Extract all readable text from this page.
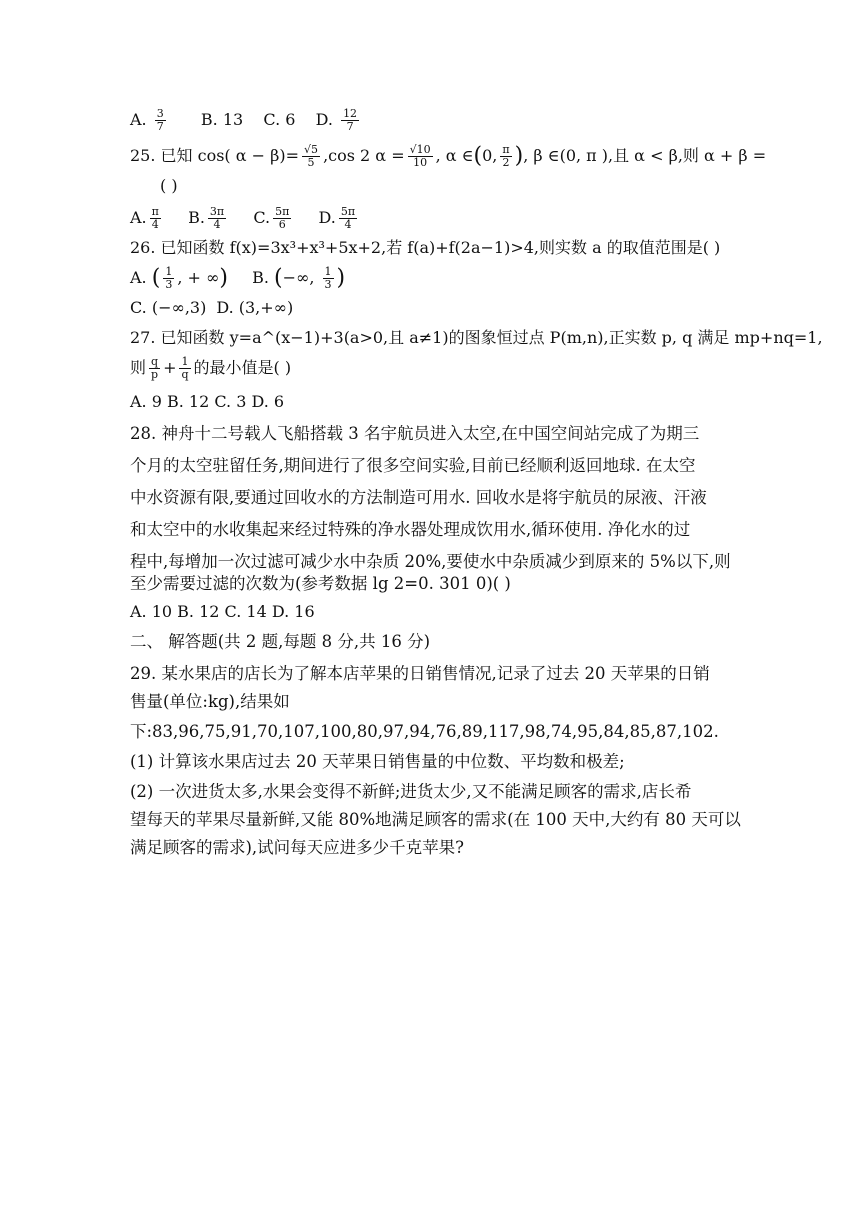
A. $\frac{3}{7} B$. 13 C. 6 D. $\frac{12}{7}$
25. 已知 cos( $\alpha - \beta)= \frac{√5}{5} ,\cos$ 2 $\alpha = \frac{√10}{10}$ , α ∈(0, $\frac{\pi}{2}$ ), β ∈(0, π ),且 α < β,则 α + β =
( )
A. $\frac{\pi}{4} B$. $\frac{3\pi}{4} C$. $\frac{5\pi}{6} D$. $\frac{5\pi}{4}$
26. 已知函数 f(x)=3x³+x³+5x+2,若 f(a)+f(2a−1)>4,则实数 a 的取值范围是( )
A. ( $\frac{1}{3}$ , + ∞) B. (−∞, $\frac{1}{3}$ )
C. (−∞,3) D. (3,+∞)
27. 已知函数 y=a^(x−1)+3(a>0,且 a≠1)的图象恒过点 P(m,n),正实数 p, q 满足 mp+nq=1,
则 $\frac{q}{p} + \frac{1}{q}$ 的最小值是( )
A. 9 B. 12 C. 3 D. 6
28. 神舟十二号载人飞船搭载 3 名宇航员进入太空,在中国空间站完成了为期三
个月的太空驻留任务,期间进行了很多空间实验,目前已经顺利返回地球. 在太空
中水资源有限,要通过回收水的方法制造可用水. 回收水是将宇航员的尿液、汗液
和太空中的水收集起来经过特殊的净水器处理成饮用水,循环使用. 净化水的过
程中,每增加一次过滤可减少水中杂质 20%,要使水中杂质减少到原来的 5%以下,则
至少需要过滤的次数为(参考数据 lg 2=0. 301 0)( )
A. 10 B. 12 C. 14 D. 16
二、 解答题(共 2 题,每题 8 分,共 16 分)
29. 某水果店的店长为了解本店苹果的日销售情况,记录了过去 20 天苹果的日销
售量(单位:kg),结果如
下:83,96,75,91,70,107,100,80,97,94,76,89,117,98,74,95,84,85,87,102.
(1) 计算该水果店过去 20 天苹果日销售量的中位数、平均数和极差;
(2) 一次进货太多,水果会变得不新鲜;进货太少,又不能满足顾客的需求,店长希
望每天的苹果尽量新鲜,又能 80%地满足顾客的需求(在 100 天中,大约有 80 天可以
满足顾客的需求),试问每天应进多少千克苹果?
